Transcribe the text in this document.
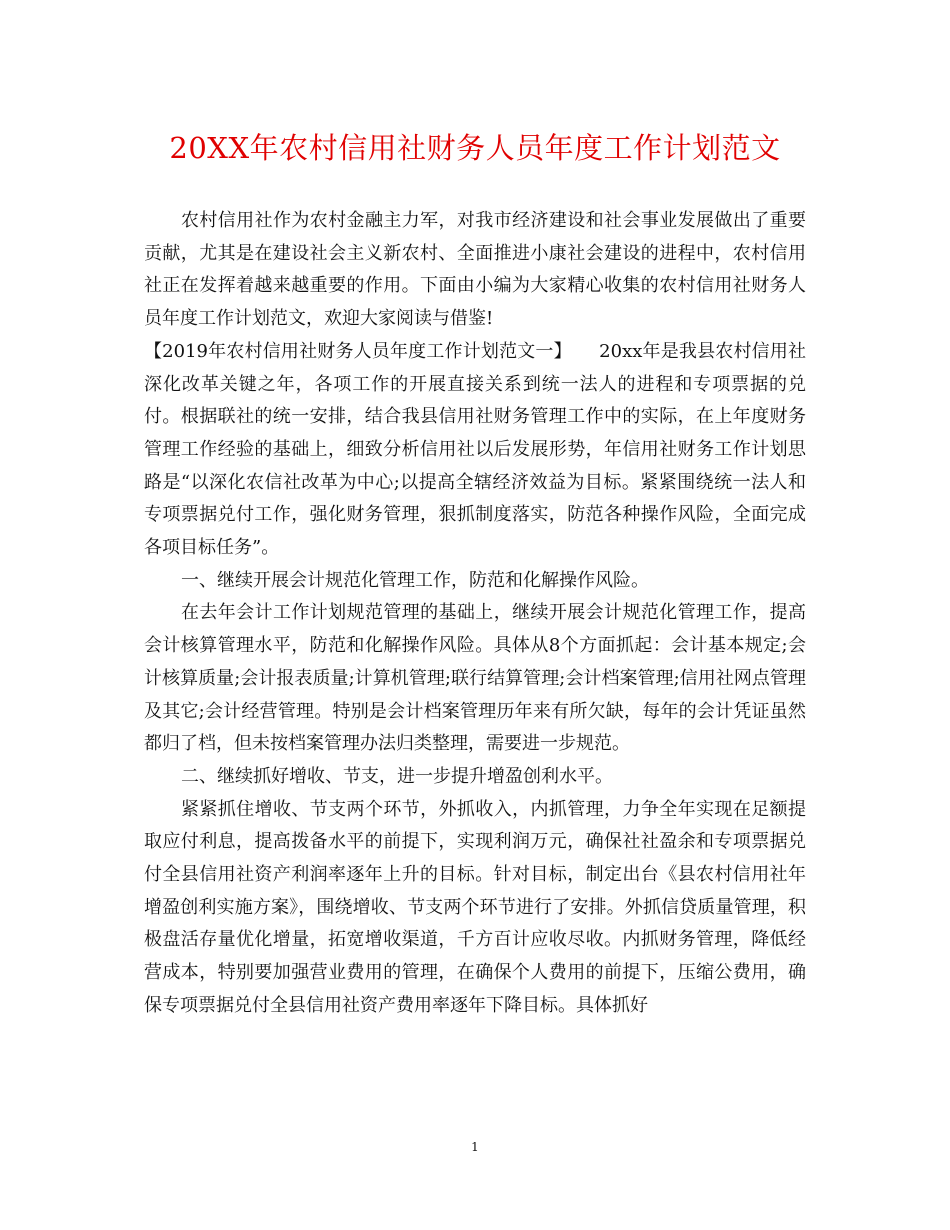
20XX年农村信用社财务人员年度工作计划范文

农村信用社作为农村金融主力军，对我市经济建设和社会事业发展做出了重要贡献，尤其是在建设社会主义新农村、全面推进小康社会建设的进程中，农村信用社正在发挥着越来越重要的作用。下面由小编为大家精心收集的农村信用社财务人员年度工作计划范文，欢迎大家阅读与借鉴!

【2019年农村信用社财务人员年度工作计划范文一】　　20xx年是我县农村信用社深化改革关键之年，各项工作的开展直接关系到统一法人的进程和专项票据的兑付。根据联社的统一安排，结合我县信用社财务管理工作中的实际，在上年度财务管理工作经验的基础上，细致分析信用社以后发展形势，年信用社财务工作计划思路是“以深化农信社改革为中心;以提高全辖经济效益为目标。紧紧围绕统一法人和专项票据兑付工作，强化财务管理，狠抓制度落实，防范各种操作风险，全面完成各项目标任务”。

一、继续开展会计规范化管理工作，防范和化解操作风险。

在去年会计工作计划规范管理的基础上，继续开展会计规范化管理工作，提高会计核算管理水平，防范和化解操作风险。具体从8个方面抓起：会计基本规定;会计核算质量;会计报表质量;计算机管理;联行结算管理;会计档案管理;信用社网点管理及其它;会计经营管理。特别是会计档案管理历年来有所欠缺，每年的会计凭证虽然都归了档，但未按档案管理办法归类整理，需要进一步规范。

二、继续抓好增收、节支，进一步提升增盈创利水平。

紧紧抓住增收、节支两个环节，外抓收入，内抓管理，力争全年实现在足额提取应付利息，提高拨备水平的前提下，实现利润万元，确保社社盈余和专项票据兑付全县信用社资产利润率逐年上升的目标。针对目标，制定出台《县农村信用社年增盈创利实施方案》，围绕增收、节支两个环节进行了安排。外抓信贷质量管理，积极盘活存量优化增量，拓宽增收渠道，千方百计应收尽收。内抓财务管理，降低经营成本，特别要加强营业费用的管理，在确保个人费用的前提下，压缩公费用，确保专项票据兑付全县信用社资产费用率逐年下降目标。具体抓好

1
